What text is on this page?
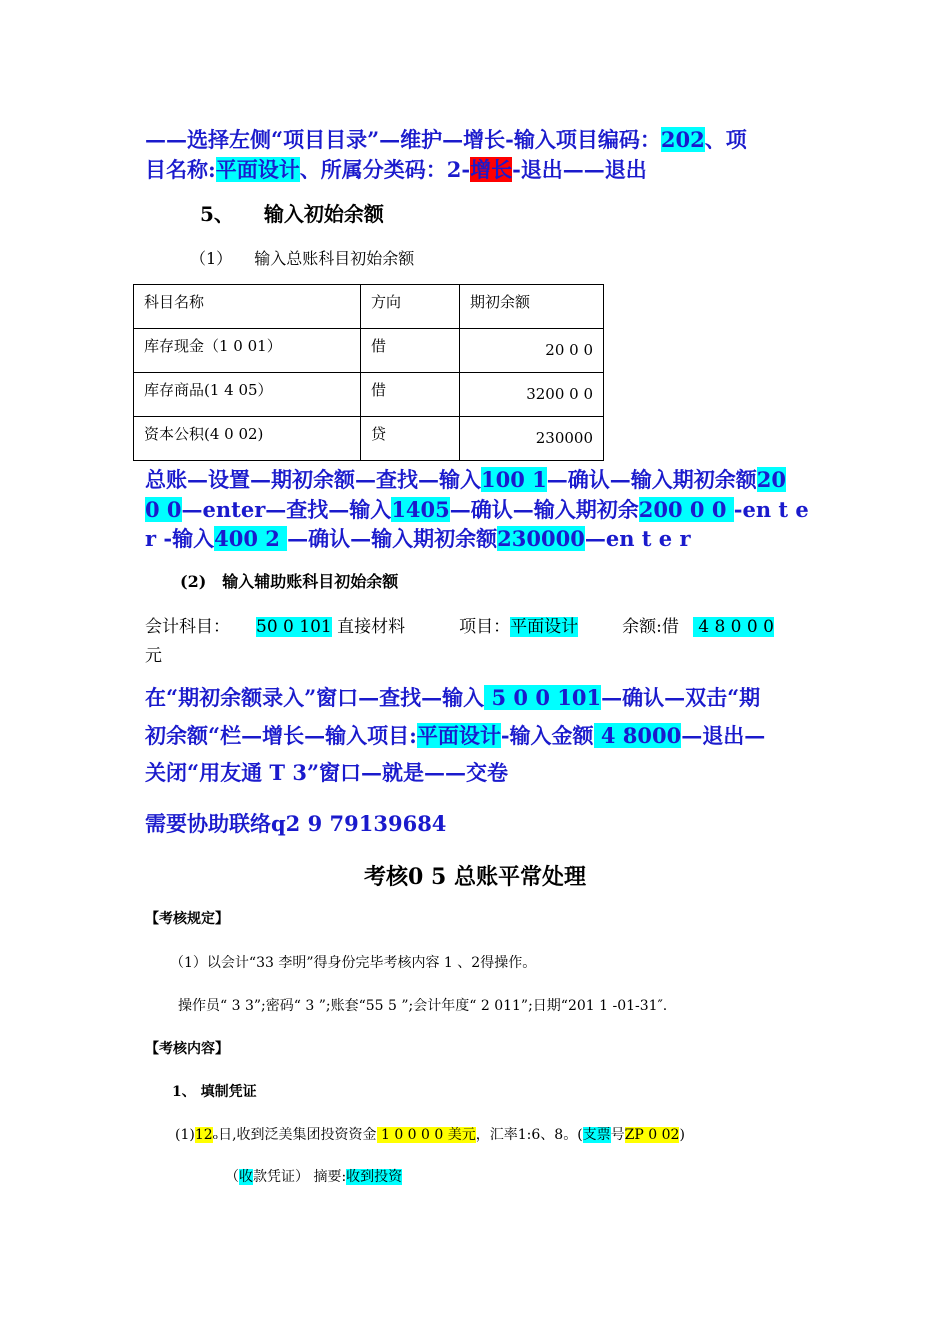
——选择左侧“项目目录”—维护—增长-输入项目编码：202、项
目名称:平面设计、所属分类码：2-增长-退出——退出
5、 输入初始余额
（1） 输入总账科目初始余额
科目名称	方向	期初余额
库存现金（1 0 01）	借	20 0 0
库存商品(1 4 05）	借	3200 0 0
资本公积(4 0 02)	贷	230000
总账—设置—期初余额—查找—输入100 1—确认—输入期初余额20
0 0—enter—查找—输入1405—确认—输入期初余200 0 0 -en t e
r -输入400 2 —确认—输入期初余额230000—en t e r
(2) 输入辅助账科目初始余额
会计科目： 50 0 101 直接材料	项目：平面设计	余额:借 4 8 0 0 0
元
在“期初余额录入”窗口—查找—输入 5 0 0 101—确认—双击“期
初余额“栏—增长—输入项目:平面设计-输入金额 4 8000—退出—
关闭“用友通 T 3”窗口—就是——交卷
需要协助联络q2 9 79139684
考核0 5 总账平常处理
【考核规定】
（1）以会计“33 李明”得身份完毕考核内容 1 、2得操作。
操作员“ 3 3”;密码“ 3 ”;账套“55 5 ”;会计年度“ 2 011”;日期“201 1 -01-31″.
【考核内容】
1、 填制凭证
(1)12ₒ日,收到泛美集团投资资金 1 0 0 0 0 美元，汇率1:6、8。(支票号ZP 0 02)
（收款凭证） 摘要:收到投资
